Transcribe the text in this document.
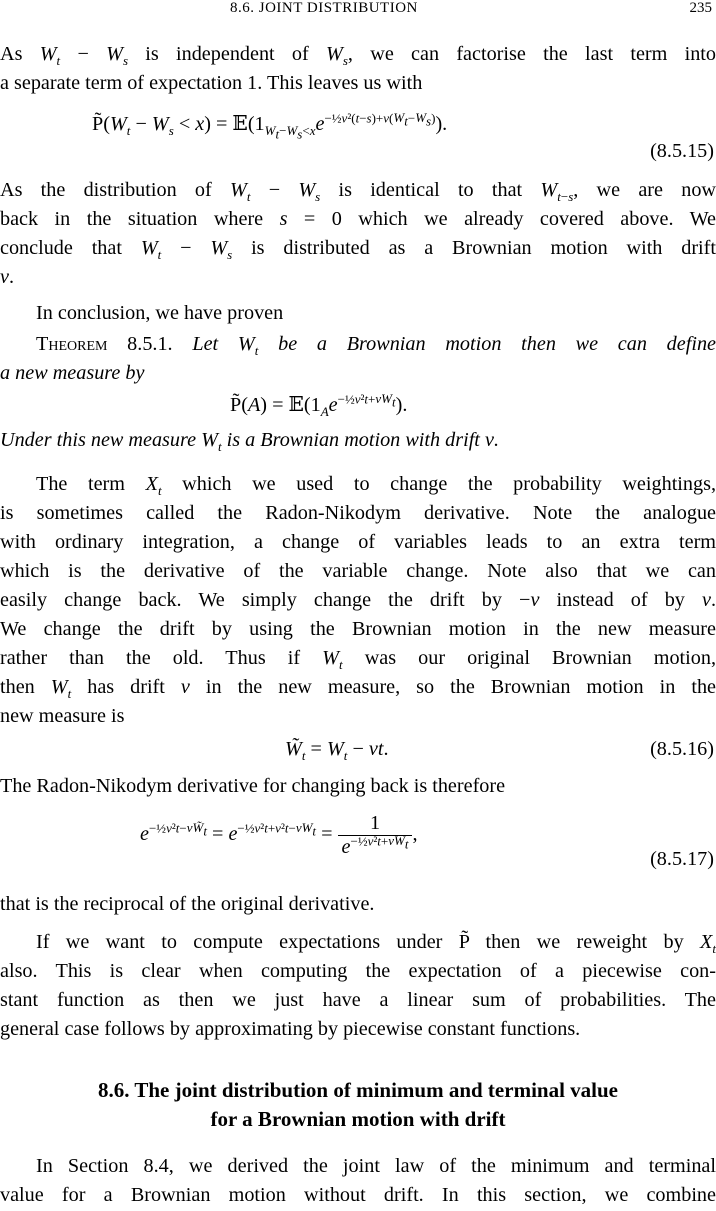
8.6. JOINT DISTRIBUTION	235
As $W_t - W_s$ is independent of $W_s$, we can factorise the last term into
a separate term of expectation 1. This leaves us with
$P̃(W_t - W_s < x)$ = $𝔼(1_{W_t-W_s<x}e^{-\frac{1}{2}\nu^2(t-s)+\nu(W_t-W_s)})$.
(8.5.15)
As the distribution of $W_t - W_s$ is identical to that $W_{t-s}$, we are now
back in the situation where s = 0 which we already covered above. We
conclude that $W_t - W_s$ is distributed as a Brownian motion with drift
ν.
In conclusion, we have proven
Theorem 8.5.1. Let $W_t$ be a Brownian motion then we can define
a new measure by
P̃(A) = $𝔼(1_Ae^{-\frac{1}{2}\nu^2t+\nu W_t})$.
Under this new measure $W_t$ is a Brownian motion with drift ν.
The term $X_t$ which we used to change the probability weightings,
is sometimes called the Radon-Nikodym derivative. Note the analogue
with ordinary integration, a change of variables leads to an extra term
which is the derivative of the variable change. Note also that we can
easily change back. We simply change the drift by −ν instead of by ν.
We change the drift by using the Brownian motion in the new measure
rather than the old. Thus if $W_t$ was our original Brownian motion,
then $W_t$ has drift ν in the new measure, so the Brownian motion in the
new measure is
$W̃_t = W_t - \nu t$.	(8.5.16)
The Radon-Nikodym derivative for changing back is therefore
$e^{-\frac{1}{2}\nu^2t-\nu W̃_t} = e^{-\frac{1}{2}\nu^2t+\nu^2t-\nu W_t} = \frac{1}{e^{-\frac{1}{2}\nu^2t+\nu W_t}}$ ,
(8.5.17)
that is the reciprocal of the original derivative.
If we want to compute expectations under P̃ then we reweight by $X_t$
also. This is clear when computing the expectation of a piecewise con-
stant function as then we just have a linear sum of probabilities. The
general case follows by approximating by piecewise constant functions.
8.6. The joint distribution of minimum and terminal value
for a Brownian motion with drift
In Section 8.4, we derived the joint law of the minimum and terminal
value for a Brownian motion without drift. In this section, we combine
